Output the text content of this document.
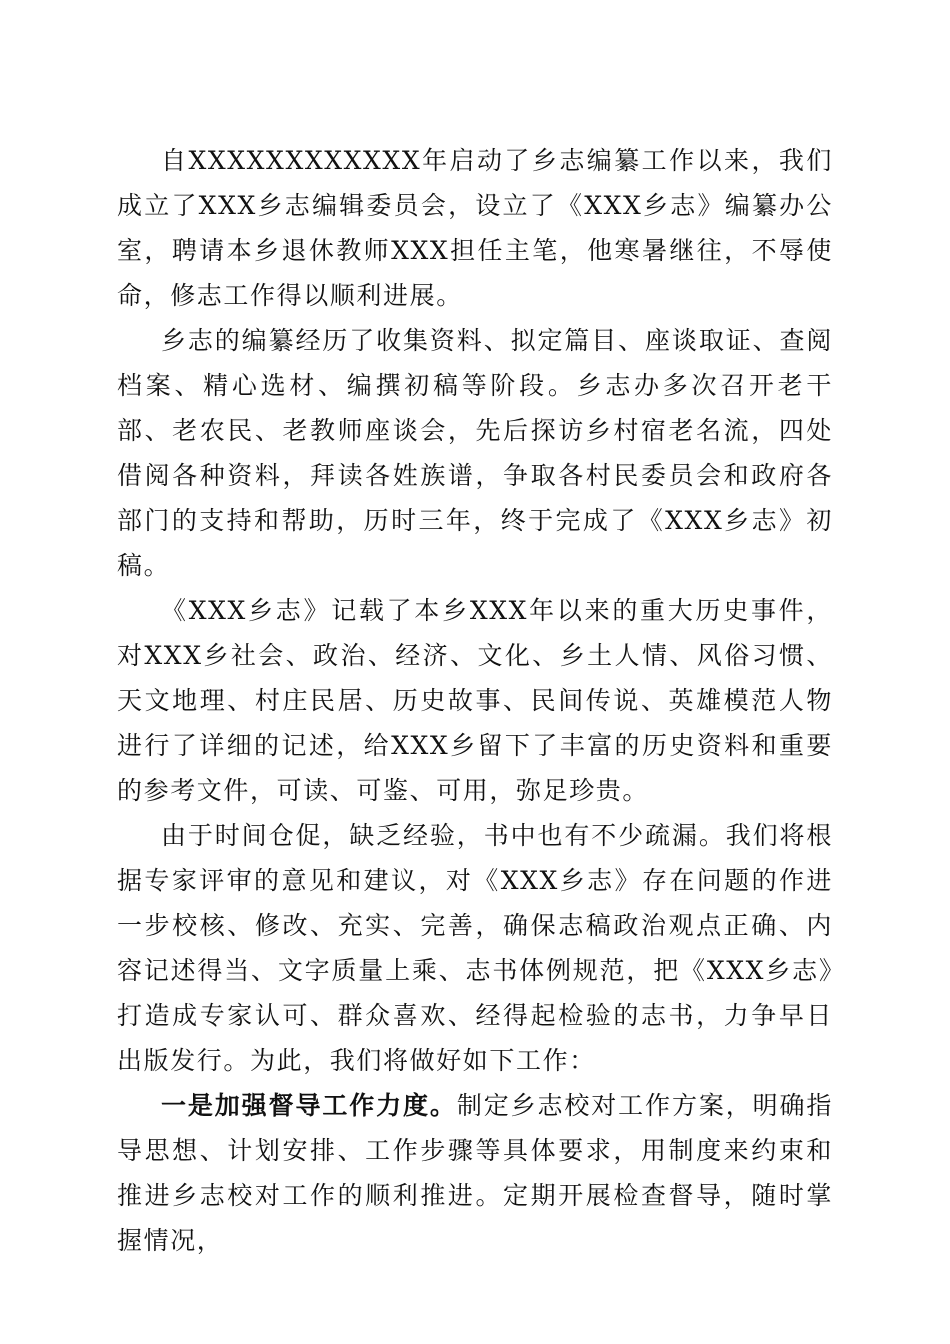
自XXXXXXXXXXXX年启动了乡志编纂工作以来，我们成立了XXX乡志编辑委员会，设立了《XXX乡志》编纂办公室，聘请本乡退休教师XXX担任主笔，他寒暑继往，不辱使命，修志工作得以顺利进展。

乡志的编纂经历了收集资料、拟定篇目、座谈取证、查阅档案、精心选材、编撰初稿等阶段。乡志办多次召开老干部、老农民、老教师座谈会，先后探访乡村宿老名流，四处借阅各种资料，拜读各姓族谱，争取各村民委员会和政府各部门的支持和帮助，历时三年，终于完成了《XXX乡志》初稿。

《XXX乡志》记载了本乡XXX年以来的重大历史事件，对XXX乡社会、政治、经济、文化、乡土人情、风俗习惯、天文地理、村庄民居、历史故事、民间传说、英雄模范人物进行了详细的记述，给XXX乡留下了丰富的历史资料和重要的参考文件，可读、可鉴、可用，弥足珍贵。

由于时间仓促，缺乏经验，书中也有不少疏漏。我们将根据专家评审的意见和建议，对《XXX乡志》存在问题的作进一步校核、修改、充实、完善，确保志稿政治观点正确、内容记述得当、文字质量上乘、志书体例规范，把《XXX乡志》打造成专家认可、群众喜欢、经得起检验的志书，力争早日出版发行。为此，我们将做好如下工作：

一是加强督导工作力度。制定乡志校对工作方案，明确指导思想、计划安排、工作步骤等具体要求，用制度来约束和推进乡志校对工作的顺利推进。定期开展检查督导，随时掌握情况，
